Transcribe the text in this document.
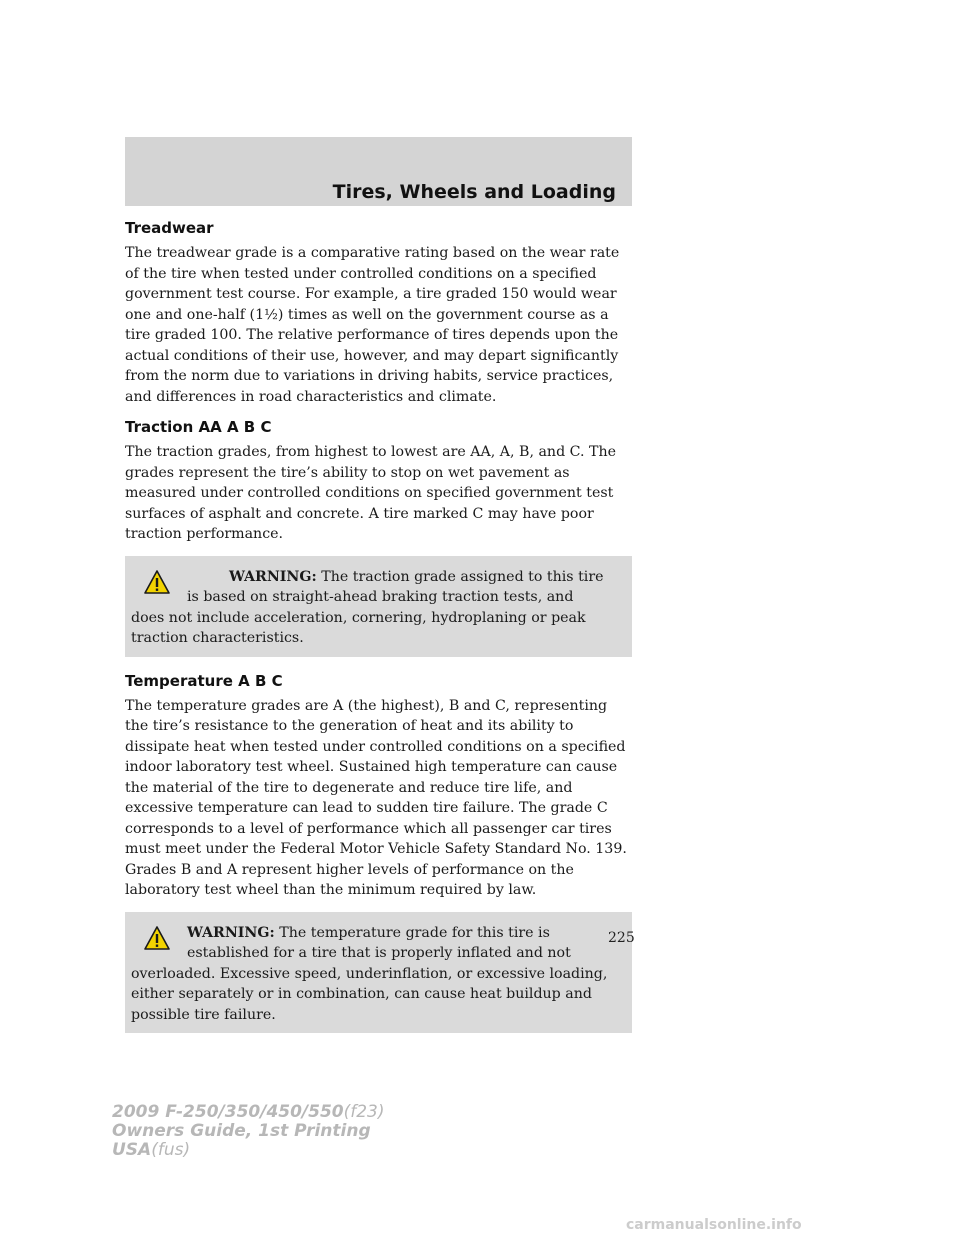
Tires, Wheels and Loading
Treadwear

The treadwear grade is a comparative rating based on the wear rate of the tire when tested under controlled conditions on a specified government test course. For example, a tire graded 150 would wear one and one-half (1½) times as well on the government course as a tire graded 100. The relative performance of tires depends upon the actual conditions of their use, however, and may depart significantly from the norm due to variations in driving habits, service practices, and differences in road characteristics and climate.

Traction AA A B C

The traction grades, from highest to lowest are AA, A, B, and C. The grades represent the tire’s ability to stop on wet pavement as measured under controlled conditions on specified government test surfaces of asphalt and concrete. A tire marked C may have poor traction performance.

WARNING: The traction grade assigned to this tire is based on straight-ahead braking traction tests, and does not include acceleration, cornering, hydroplaning or peak traction characteristics.
Temperature A B C

The temperature grades are A (the highest), B and C, representing the tire’s resistance to the generation of heat and its ability to dissipate heat when tested under controlled conditions on a specified indoor laboratory test wheel. Sustained high temperature can cause the material of the tire to degenerate and reduce tire life, and excessive temperature can lead to sudden tire failure. The grade C corresponds to a level of performance which all passenger car tires must meet under the Federal Motor Vehicle Safety Standard No. 139. Grades B and A represent higher levels of performance on the laboratory test wheel than the minimum required by law.

WARNING: The temperature grade for this tire is established for a tire that is properly inflated and not overloaded. Excessive speed, underinflation, or excessive loading, either separately or in combination, can cause heat buildup and possible tire failure.
225
2009 F-250/350/450/550(f23)
Owners Guide, 1st Printing
USA(fus)
carmanualsonline.info
